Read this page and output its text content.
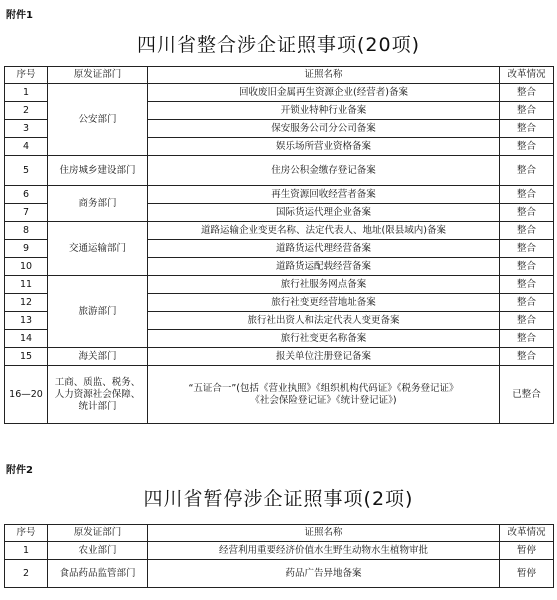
附件1
四川省整合涉企证照事项(20项)
序号	原发证部门	证照名称	改革情况
1	公安部门	回收废旧金属再生资源企业(经营者)备案	整合
2		开锁业特种行业备案	整合
3		保安服务公司分公司备案	整合
4		娱乐场所营业资格备案	整合
5	住房城乡建设部门	住房公积金缴存登记备案	整合
6	商务部门	再生资源回收经营者备案	整合
7		国际货运代理企业备案	整合
8	交通运输部门	道路运输企业变更名称、法定代表人、地址(限县域内)备案	整合
9		道路货运代理经营备案	整合
10		道路货运配载经营备案	整合
11	旅游部门	旅行社服务网点备案	整合
12		旅行社变更经营地址备案	整合
13		旅行社出资人和法定代表人变更备案	整合
14		旅行社变更名称备案	整合
15	海关部门	报关单位注册登记备案	整合
16—20	工商、质监、税务、人力资源社会保障、统计部门	“五证合一”(包括《营业执照》《组织机构代码证》《税务登记证》
《社会保险登记证》《统计登记证》)	已整合
附件2
四川省暂停涉企证照事项(2项)
序号	原发证部门	证照名称	改革情况
1	农业部门	经营利用重要经济价值水生野生动物水生植物审批	暂停
2	食品药品监管部门	药品广告异地备案	暂停
